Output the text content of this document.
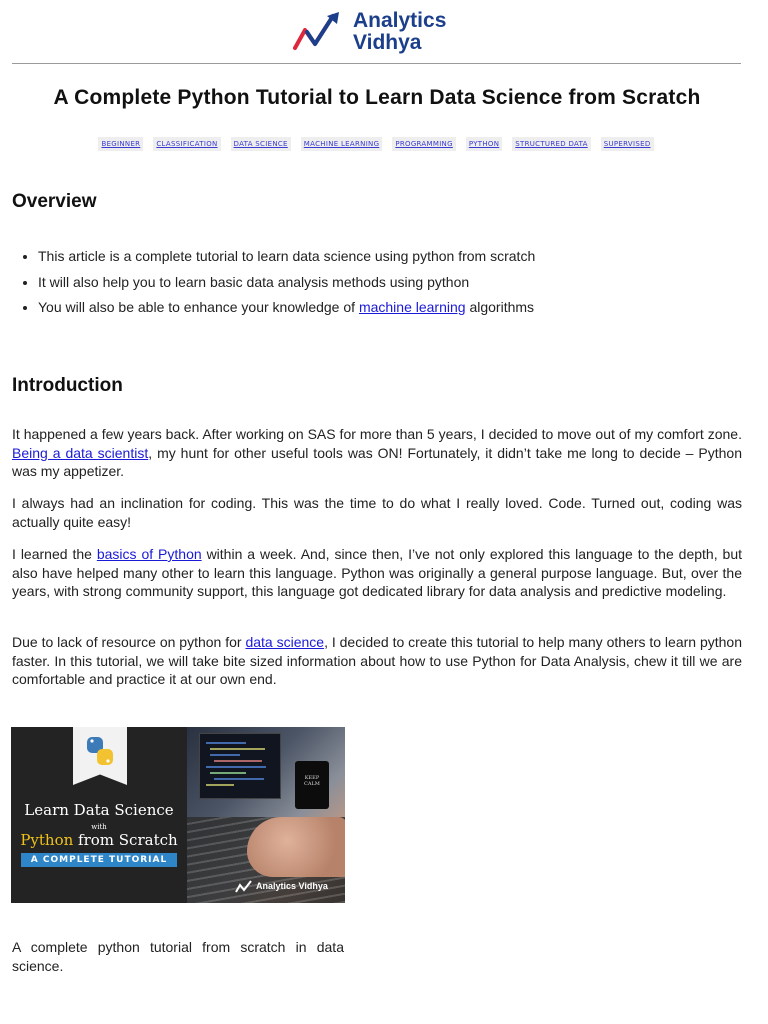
Analytics
Vidhya
A Complete Python Tutorial to Learn Data Science from Scratch
BEGINNER CLASSIFICATION DATA SCIENCE MACHINE LEARNING PROGRAMMING PYTHON STRUCTURED DATA SUPERVISED
Overview
• This article is a complete tutorial to learn data science using python from scratch
• It will also help you to learn basic data analysis methods using python
• You will also be able to enhance your knowledge of machine learning algorithms
Introduction

It happened a few years back. After working on SAS for more than 5 years, I decided to move out of my comfort zone. Being a data scientist, my hunt for other useful tools was ON! Fortunately, it didn’t take me long to decide – Python was my appetizer.

I always had an inclination for coding. This was the time to do what I really loved. Code. Turned out, coding was actually quite easy!

I learned the basics of Python within a week. And, since then, I’ve not only explored this language to the depth, but also have helped many other to learn this language. Python was originally a general purpose language. But, over the years, with strong community support, this language got dedicated library for data analysis and predictive modeling.

Due to lack of resource on python for data science, I decided to create this tutorial to help many others to learn python faster. In this tutorial, we will take bite sized information about how to use Python for Data Analysis, chew it till we are comfortable and practice it at our own end.

KEEP CALM
Learn Data Science
with
Python from Scratch
A COMPLETE TUTORIAL
Analytics Vidhya

A complete python tutorial from scratch in data science.
